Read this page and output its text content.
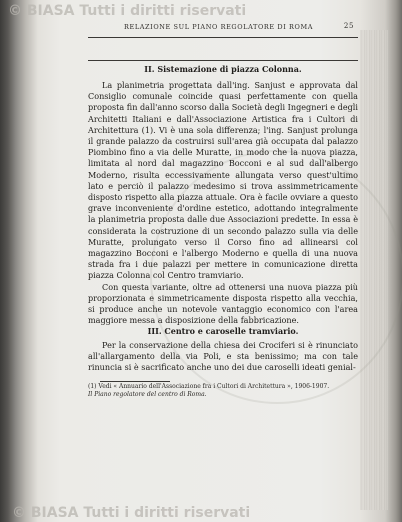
© BIASA Tutti i diritti riservati
RELAZIONE SUL PIANO REGOLATORE DI ROMA	25
II. Sistemazione di piazza Colonna.

La planimetria progettata dall'ing. Sanjust e approvata dal Consiglio comunale coincide quasi perfettamente con quella proposta fin dall'anno scorso dalla Società degli Ingegneri e degli Architetti Italiani e dall'Associazione Artistica fra i Cultori di Architettura (1). Vi è una sola differenza; l'ing. Sanjust prolunga il grande palazzo da costruirsi sull'area già occupata dal palazzo Piombino fino a via delle Muratte, in modo che la nuova piazza, limitata al nord dal magazzino Bocconi e al sud dall'albergo Moderno, risulta eccessivamente allungata verso quest'ultimo lato e perciò il palazzo medesimo si trova assimmetricamente disposto rispetto alla piazza attuale. Ora è facile ovviare a questo grave inconveniente d'ordine estetico, adottando integralmente la planimetria proposta dalle due Associazioni predette. In essa è considerata la costruzione di un secondo palazzo sulla via delle Muratte, prolungato verso il Corso fino ad allinearsi col magazzino Bocconi e l'albergo Moderno e quella di una nuova strada fra i due palazzi per mettere in comunicazione diretta piazza Colonna col Centro tramviario.

Con questa variante, oltre ad ottenersi una nuova piazza più proporzionata e simmetricamente disposta rispetto alla vecchia, si produce anche un notevole vantaggio economico con l'area maggiore messa a disposizione della fabbricazione.

III. Centro e caroselle tramviario.

Per la conservazione della chiesa dei Crociferi si è rinunciato all'allargamento della via Poli, e sta benissimo; ma con tale rinuncia si è sacrificato anche uno dei due caroselli ideati genial-

(1) Vedi « Annuario dell'Associazione fra i Cultori di Architettura », 1906-1907.
Il Piano regolatore del centro di Roma.
© BIASA Tutti i diritti riservati
